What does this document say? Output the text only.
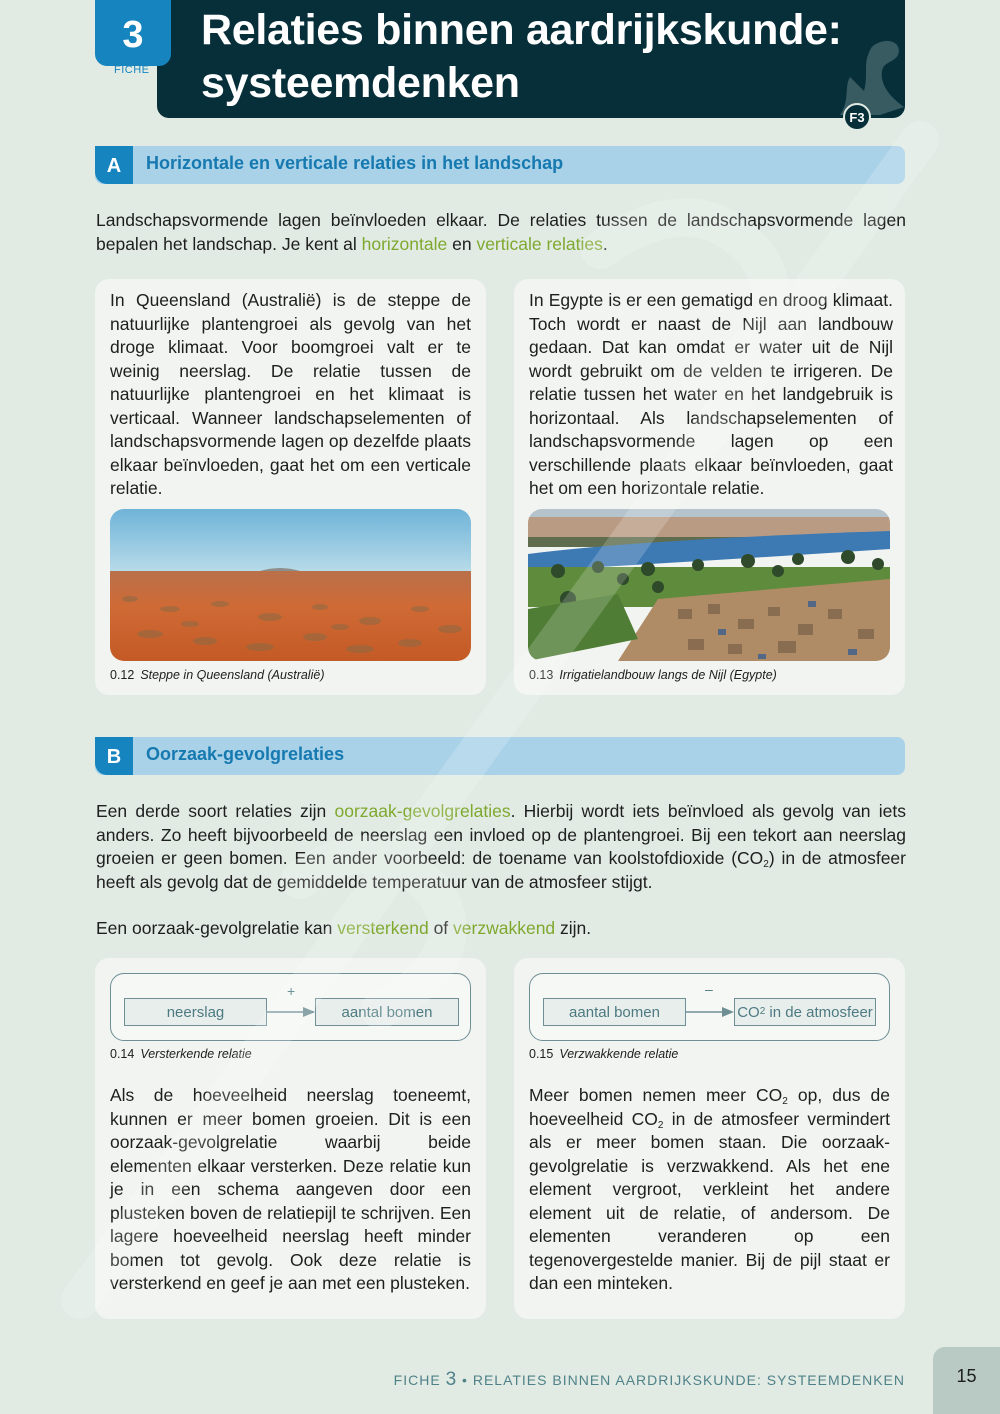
3
FICHE
Relaties binnen aardrijkskunde:
systeemdenken
F3
A	Horizontale en verticale relaties in het landschap

Landschapsvormende lagen beïnvloeden elkaar. De relaties tussen de landschapsvormende lagen bepalen het landschap. Je kent al horizontale en verticale relaties.

In Queensland (Australië) is de steppe de natuurlijke plantengroei als gevolg van het droge klimaat. Voor boomgroei valt er te weinig neerslag. De relatie tussen de natuurlijke plantengroei en het klimaat is verticaal. Wanneer landschapselementen of landschapsvormende lagen op dezelfde plaats elkaar beïnvloeden, gaat het om een verticale relatie.

0.12 Steppe in Queensland (Australië)

In Egypte is er een gematigd en droog klimaat. Toch wordt er naast de Nijl aan landbouw gedaan. Dat kan omdat er water uit de Nijl wordt gebruikt om de velden te irrigeren. De relatie tussen het water en het landgebruik is horizontaal. Als landschapselementen of landschapsvormende lagen op een verschillende plaats elkaar beïnvloeden, gaat het om een horizontale relatie.

0.13 Irrigatielandbouw langs de Nijl (Egypte)
B	Oorzaak-gevolgrelaties

Een derde soort relaties zijn oorzaak-gevolgrelaties. Hierbij wordt iets beïnvloed als gevolg van iets anders. Zo heeft bijvoorbeeld de neerslag een invloed op de plantengroei. Bij een tekort aan neerslag groeien er geen bomen. Een ander voorbeeld: de toename van koolstofdioxide $(CO_2)$ in de atmosfeer heeft als gevolg dat de gemiddelde temperatuur van de atmosfeer stijgt.

Een oorzaak-gevolgrelatie kan versterkend of verzwakkend zijn.

neerslag
+
aantal bomen
0.14 Versterkende relatie

Als de hoeveelheid neerslag toeneemt, kunnen er meer bomen groeien. Dit is een oorzaak-gevolgrelatie waarbij beide elementen elkaar versterken. Deze relatie kun je in een schema aangeven door een plusteken boven de relatiepijl te schrijven. Een lagere hoeveelheid neerslag heeft minder bomen tot gevolg. Ook deze relatie is versterkend en geef je aan met een plusteken.

aantal bomen
–
CO 2 in de atmosfeer
0.15 Verzwakkende relatie

Meer bomen nemen meer $CO_2$ op, dus de hoeveelheid $CO_2$ in de atmosfeer vermindert als er meer bomen staan. Die oorzaak-gevolgrelatie is verzwakkend. Als het ene element vergroot, verkleint het andere element uit de relatie, of andersom. De elementen veranderen op een tegenovergestelde manier. Bij de pijl staat er dan een minteken.

FICHE 3 • RELATIES BINNEN AARDRIJKSKUNDE: SYSTEEMDENKEN	15
